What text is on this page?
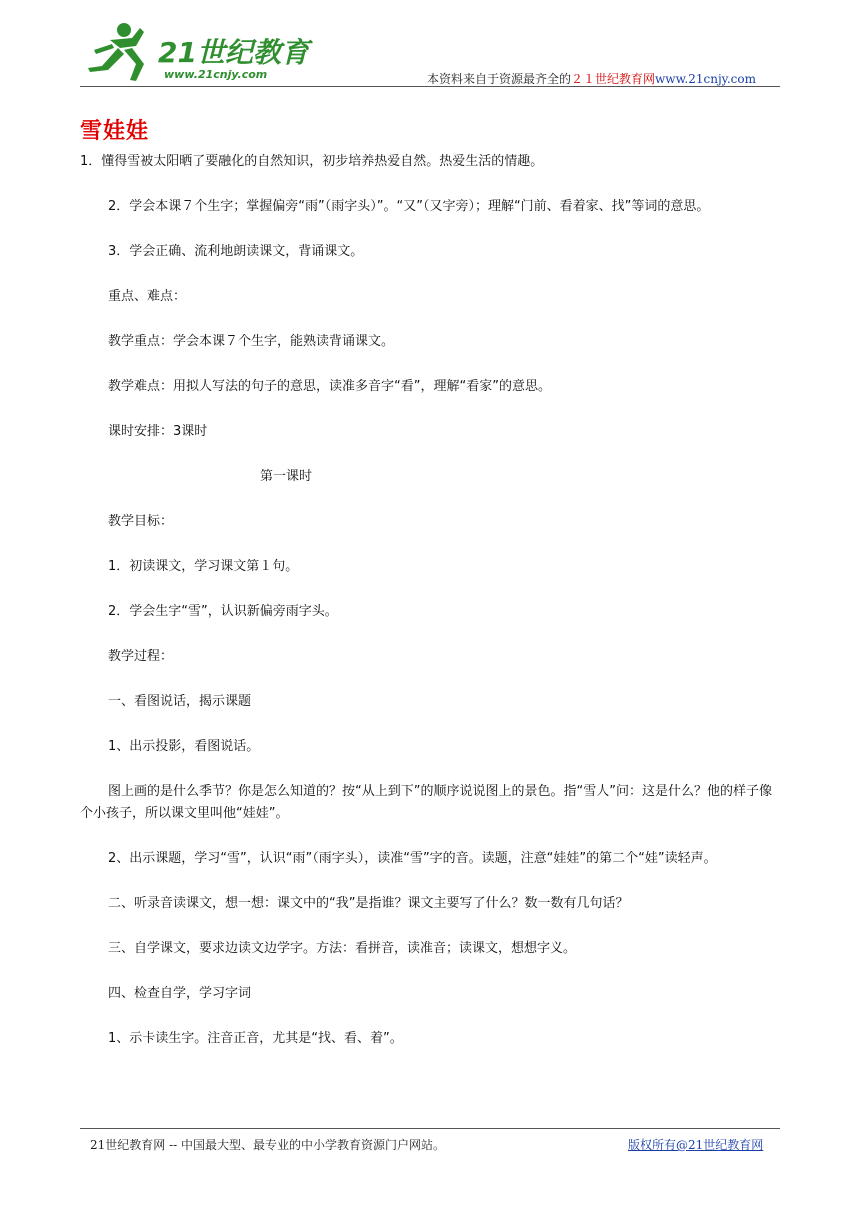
21世纪教育
www.21cnjy.com	本资料来自于资源最齐全的２１世纪教育网www.21cnjy.com
雪娃娃

1．懂得雪被太阳晒了要融化的自然知识，初步培养热爱自然。热爱生活的情趣。

2．学会本课７个生字；掌握偏旁“雨”（雨字头）”。“又”（又字旁）；理解“门前、看着家、找”等词的意思。

3．学会正确、流利地朗读课文，背诵课文。

重点、难点：

教学重点：学会本课７个生字，能熟读背诵课文。

教学难点：用拟人写法的句子的意思，读准多音字“看”，理解“看家”的意思。

课时安排：3课时

第一课时

教学目标：

1．初读课文，学习课文第１句。

2．学会生字“雪”，认识新偏旁雨字头。

教学过程：

一、看图说话，揭示课题

1、出示投影，看图说话。

图上画的是什么季节？你是怎么知道的？按“从上到下”的顺序说说图上的景色。指“雪人”问：这是什么？他的样子像个小孩子，所以课文里叫他“娃娃”。

2、出示课题，学习“雪”，认识“雨”（雨字头），读准“雪”字的音。读题，注意“娃娃”的第二个“娃”读轻声。

二、听录音读课文，想一想：课文中的“我”是指谁？课文主要写了什么？数一数有几句话？

三、自学课文，要求边读文边学字。方法：看拼音，读准音；读课文，想想字义。

四、检查自学，学习字词

1、示卡读生字。注音正音，尤其是“找、看、着”。

21世纪教育网 -- 中国最大型、最专业的中小学教育资源门户网站。	版权所有@21世纪教育网
